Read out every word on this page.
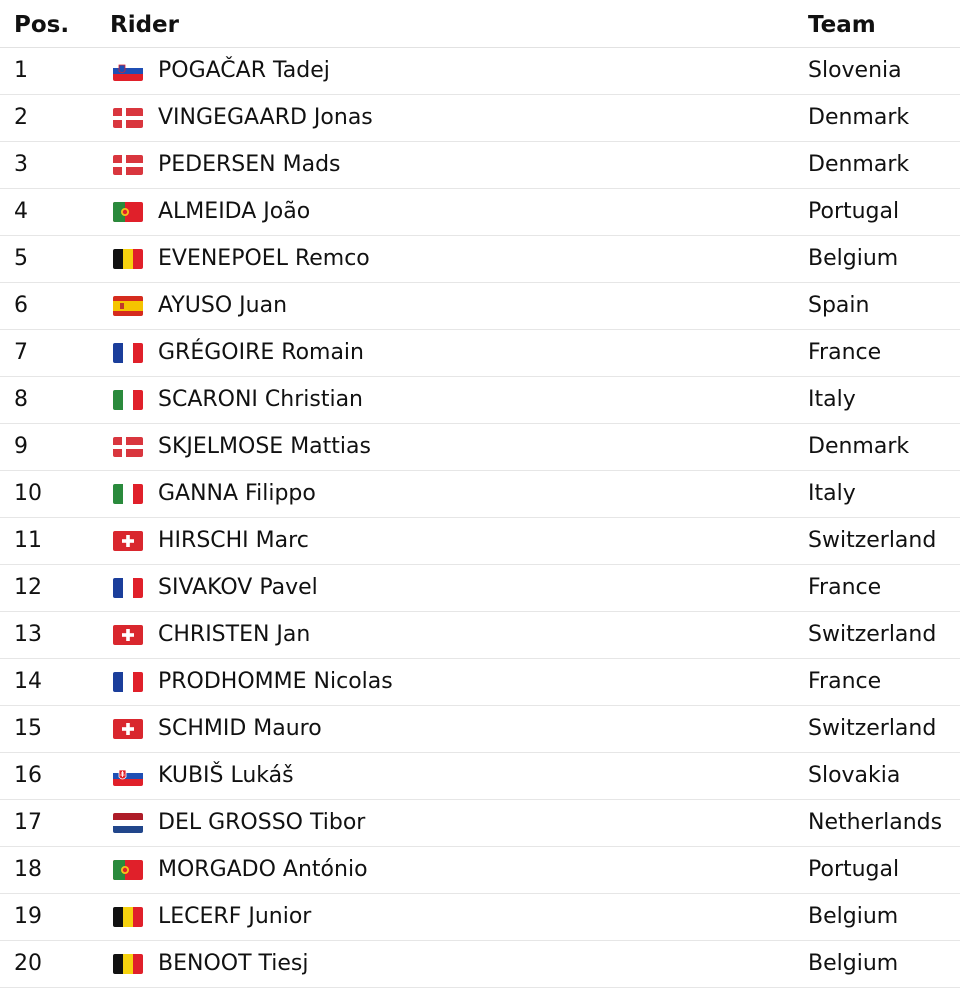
Pos. Rider	Team
1	POGAČAR Tadej	Slovenia
2	VINGEGAARD Jonas	Denmark
3	PEDERSEN Mads	Denmark
4	ALMEIDA João	Portugal
5	EVENEPOEL Remco	Belgium
6	AYUSO Juan	Spain
7	GRÉGOIRE Romain	France
8	SCARONI Christian	Italy
9	SKJELMOSE Mattias	Denmark
10	GANNA Filippo	Italy
11	HIRSCHI Marc	Switzerland
12	SIVAKOV Pavel	France
13	CHRISTEN Jan	Switzerland
14	PRODHOMME Nicolas	France
15	SCHMID Mauro	Switzerland
16	KUBIŠ Lukáš	Slovakia
17	DEL GROSSO Tibor	Netherlands
18	MORGADO António	Portugal
19	LECERF Junior	Belgium
20	BENOOT Tiesj	Belgium
